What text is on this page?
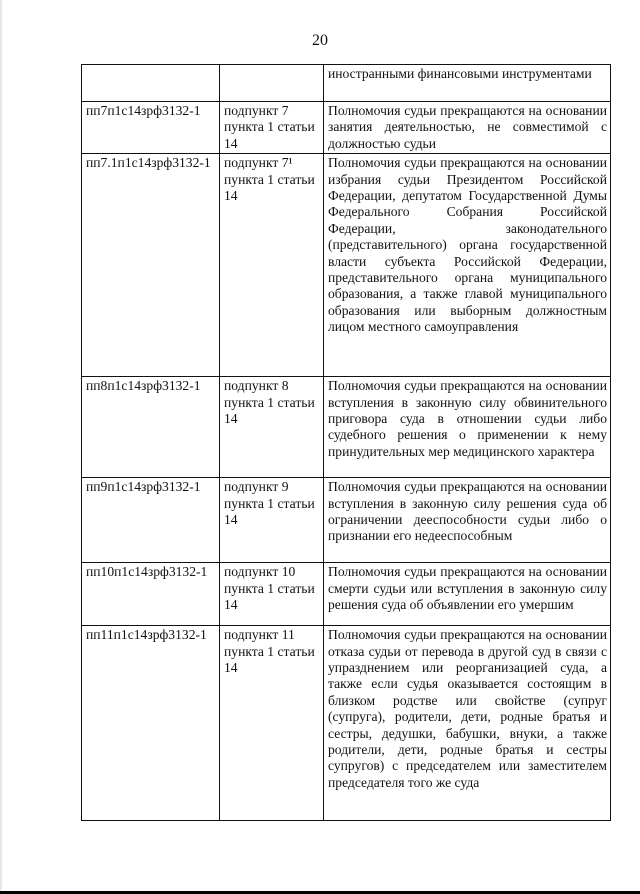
20
		иностранными финансовыми инструментами
пп7п1с14зрф3132-1	подпункт 7 пункта 1 статьи 14	Полномочия судьи прекращаются на основании занятия деятельностью, не совместимой с должностью судьи
пп7.1п1с14зрф3132-1	подпункт 7¹ пункта 1 статьи 14	Полномочия судьи прекращаются на основании избрания судьи Президентом Российской Федерации, депутатом Государственной Думы Федерального Собрания Российской Федерации, законодательного (представительного) органа государственной власти субъекта Российской Федерации, представительного органа муниципального образования, а также главой муниципального образования или выборным должностным лицом местного самоуправления
пп8п1с14зрф3132-1	подпункт 8 пункта 1 статьи 14	Полномочия судьи прекращаются на основании вступления в законную силу обвинительного приговора суда в отношении судьи либо судебного решения о применении к нему принудительных мер медицинского характера
пп9п1с14зрф3132-1	подпункт 9 пункта 1 статьи 14	Полномочия судьи прекращаются на основании вступления в законную силу решения суда об ограничении дееспособности судьи либо о признании его недееспособным
пп10п1с14зрф3132-1	подпункт 10 пункта 1 статьи 14	Полномочия судьи прекращаются на основании смерти судьи или вступления в законную силу решения суда об объявлении его умершим
пп11п1с14зрф3132-1	подпункт 11 пункта 1 статьи 14	Полномочия судьи прекращаются на основании отказа судьи от перевода в другой суд в связи с упразднением или реорганизацией суда, а также если судья оказывается состоящим в близком родстве или свойстве (супруг (супруга), родители, дети, родные братья и сестры, дедушки, бабушки, внуки, а также родители, дети, родные братья и сестры супругов) с председателем или заместителем председателя того же суда
